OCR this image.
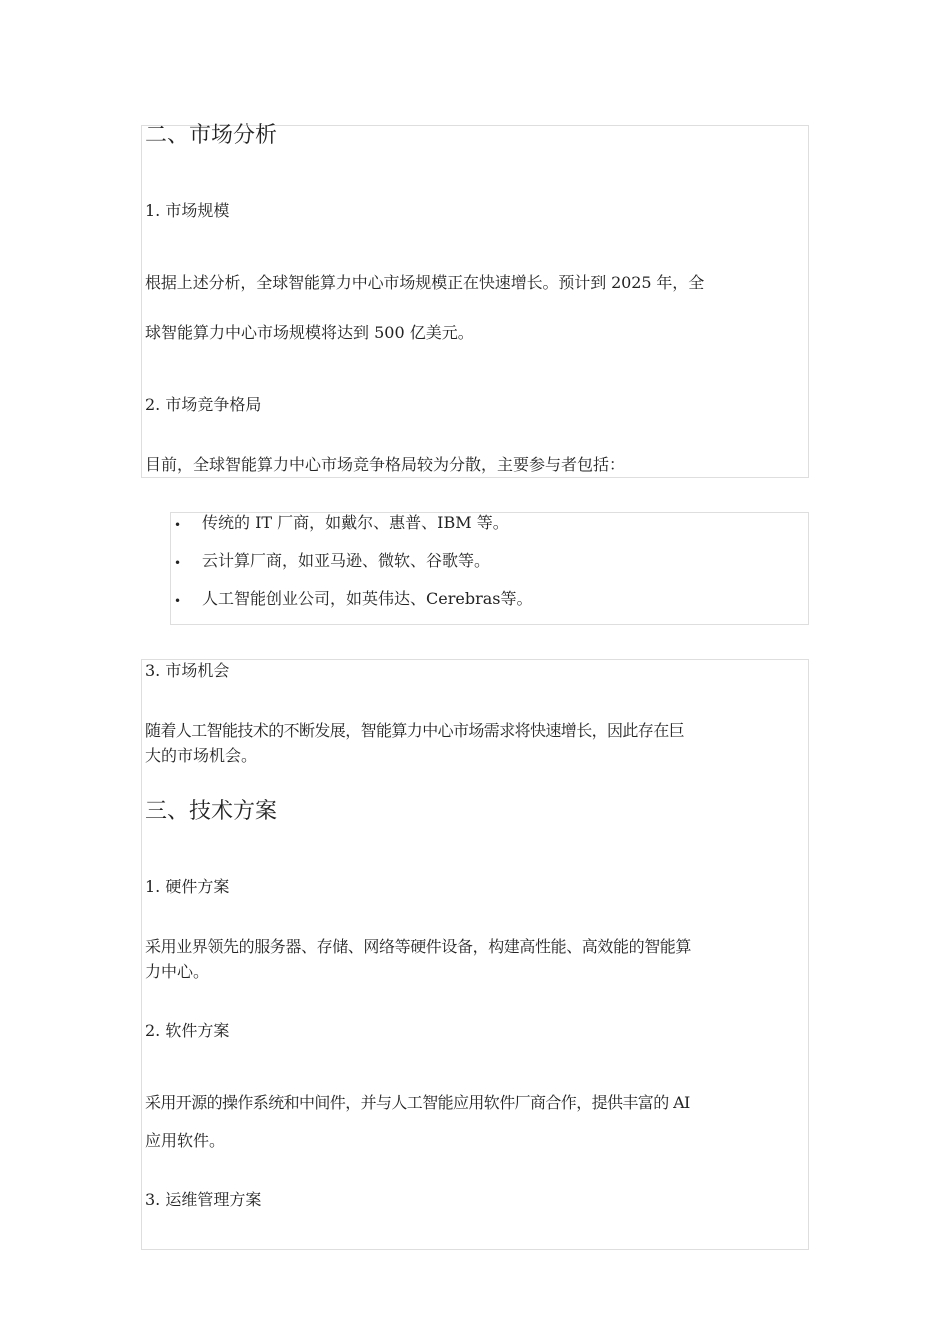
二、市场分析
1. 市场规模
根据上述分析，全球智能算力中心市场规模正在快速增长。预计到 2025 年，全
球智能算力中心市场规模将达到 500 亿美元。
2. 市场竞争格局
目前，全球智能算力中心市场竞争格局较为分散，主要参与者包括：
• 传统的 IT 厂商，如戴尔、惠普、IBM 等。
• 云计算厂商，如亚马逊、微软、谷歌等。
• 人工智能创业公司，如英伟达、Cerebras等。
3. 市场机会
随着人工智能技术的不断发展，智能算力中心市场需求将快速增长，因此存在巨
大的市场机会。
三、技术方案
1. 硬件方案
采用业界领先的服务器、存储、网络等硬件设备，构建高性能、高效能的智能算
力中心。
2. 软件方案
采用开源的操作系统和中间件，并与人工智能应用软件厂商合作，提供丰富的 AI
应用软件。
3. 运维管理方案
